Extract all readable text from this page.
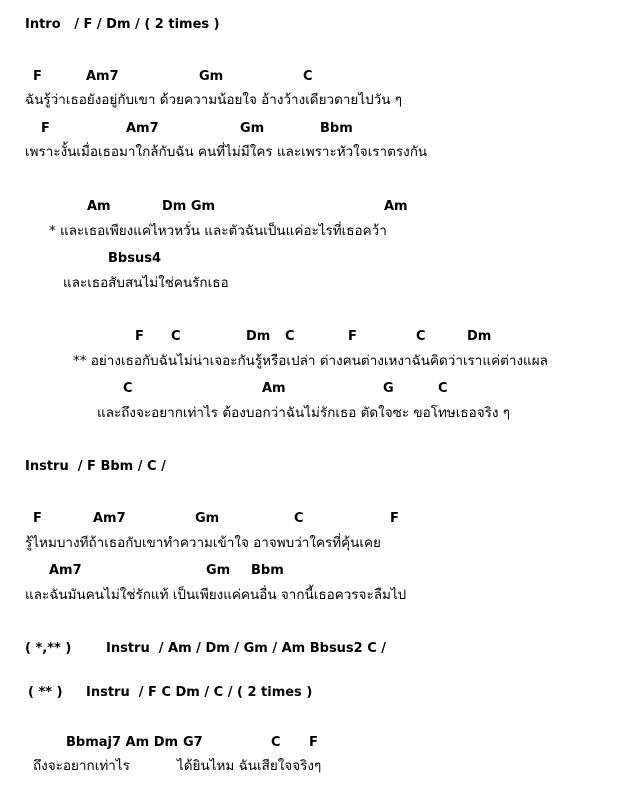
Intro   / F / Dm / ( 2 times )

F

	Am7

	Gm

	C

ฉันรู้ว่าเธอยังอยู่กับเขา ด้วยความน้อยใจ อ้างว้างเดียวดายไปวัน ๆ

F

	Am7

	Gm

	Bbm

เพราะงั้นเมื่อเธอมาใกล้กับฉัน คนที่ไม่มีใคร และเพราะหัวใจเราตรงกัน

Am

	Dm Gm

	Am

* และเธอเพียงแค่ไหวหวั่น และตัวฉันเป็นแค่อะไรที่เธอคว้า

Bbsus4

และเธอสับสนไม่ใช่คนรักเธอ

F

C

	Dm

C

	F

	C

	Dm

** อย่างเธอกับฉันไม่น่าเจอะกันรู้หรือเปล่า ต่างคนต่างเหงาฉันคิดว่าเราแค่ต่างแผล

C

	Am

	G

	C

และถึงจะอยากเท่าไร ต้องบอกว่าฉันไม่รักเธอ ตัดใจซะ ขอโทษเธอจริง ๆ
Instru  / F Bbm / C /

F

	Am7

	Gm

	C

	F

รู้ไหมบางทีถ้าเธอกับเขาทำความเข้าใจ อาจพบว่าใครที่คุ้นเคย

Am7

	Gm

Bbm

และฉันมันคนไม่ใช่รักแท้ เป็นเพียงแค่คนอื่น จากนี้เธอควรจะลืมไป
( *,** )	Instru  / Am / Dm / Gm / Am Bbsus2 C /
( ** ) Instru  / F C Dm / C / ( 2 times )

Bbmaj7 Am Dm

G7

	C

F

ถึงจะอยากเท่าไร	ได้ยินไหม ฉันเสียใจจริงๆ
